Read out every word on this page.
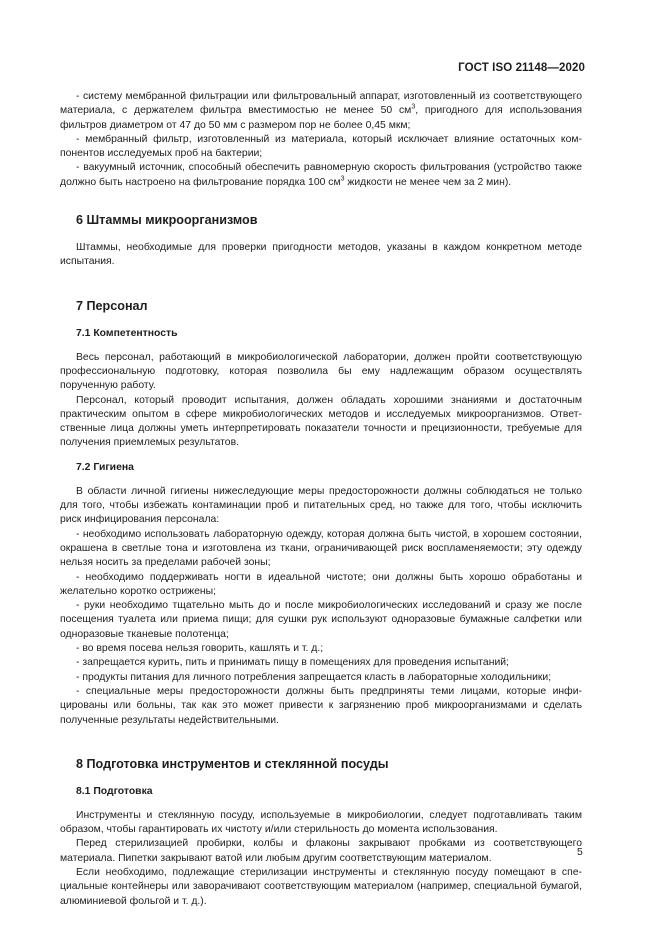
ГОСТ ISO 21148—2020

- систему мембранной фильтрации или фильтровальный аппарат, изготовленный из соответствующего материала, с держателем фильтра вместимостью не менее 50 $см^3$, пригодного для использования фильтров диаметром от 47 до 50 мм с размером пор не более 0,45 мкм;

- мембранный фильтр, изготовленный из материала, который исключает влияние остаточных компонентов исследуемых проб на бактерии;

- вакуумный источник, способный обеспечить равномерную скорость фильтрования (устройство также должно быть настроено на фильтрование порядка 100 $см^3$ жидкости не менее чем за 2 мин).

6 Штаммы микроорганизмов

Штаммы, необходимые для проверки пригодности методов, указаны в каждом конкретном методе испытания.

7 Персонал
7.1 Компетентность

Весь персонал, работающий в микробиологической лаборатории, должен пройти соответствующую профессиональную подготовку, которая позволила бы ему надлежащим образом осуществлять порученную работу.

Персонал, который проводит испытания, должен обладать хорошими знаниями и достаточным практическим опытом в сфере микробиологических методов и исследуемых микроорганизмов. Ответственные лица должны уметь интерпретировать показатели точности и прецизионности, требуемые для получения приемлемых результатов.

7.2 Гигиена

В области личной гигиены нижеследующие меры предосторожности должны соблюдаться не только для того, чтобы избежать контаминации проб и питательных сред, но также для того, чтобы исключить риск инфицирования персонала:

- необходимо использовать лабораторную одежду, которая должна быть чистой, в хорошем состоянии, окрашена в светлые тона и изготовлена из ткани, ограничивающей риск воспламеняемости; эту одежду нельзя носить за пределами рабочей зоны;

- необходимо поддерживать ногти в идеальной чистоте; они должны быть хорошо обработаны и желательно коротко острижены;

- руки необходимо тщательно мыть до и после микробиологических исследований и сразу же после посещения туалета или приема пищи; для сушки рук используют одноразовые бумажные салфетки или одноразовые тканевые полотенца;

- во время посева нельзя говорить, кашлять и т. д.;

- запрещается курить, пить и принимать пищу в помещениях для проведения испытаний;

- продукты питания для личного потребления запрещается класть в лабораторные холодильники;

- специальные меры предосторожности должны быть предприняты теми лицами, которые инфицированы или больны, так как это может привести к загрязнению проб микроорганизмами и сделать полученные результаты недействительными.

8 Подготовка инструментов и стеклянной посуды
8.1 Подготовка

Инструменты и стеклянную посуду, используемые в микробиологии, следует подготавливать таким образом, чтобы гарантировать их чистоту и/или стерильность до момента использования.

Перед стерилизацией пробирки, колбы и флаконы закрывают пробками из соответствующего материала. Пипетки закрывают ватой или любым другим соответствующим материалом.

Если необходимо, подлежащие стерилизации инструменты и стеклянную посуду помещают в специальные контейнеры или заворачивают соответствующим материалом (например, специальной бумагой, алюминиевой фольгой и т. д.).

5
